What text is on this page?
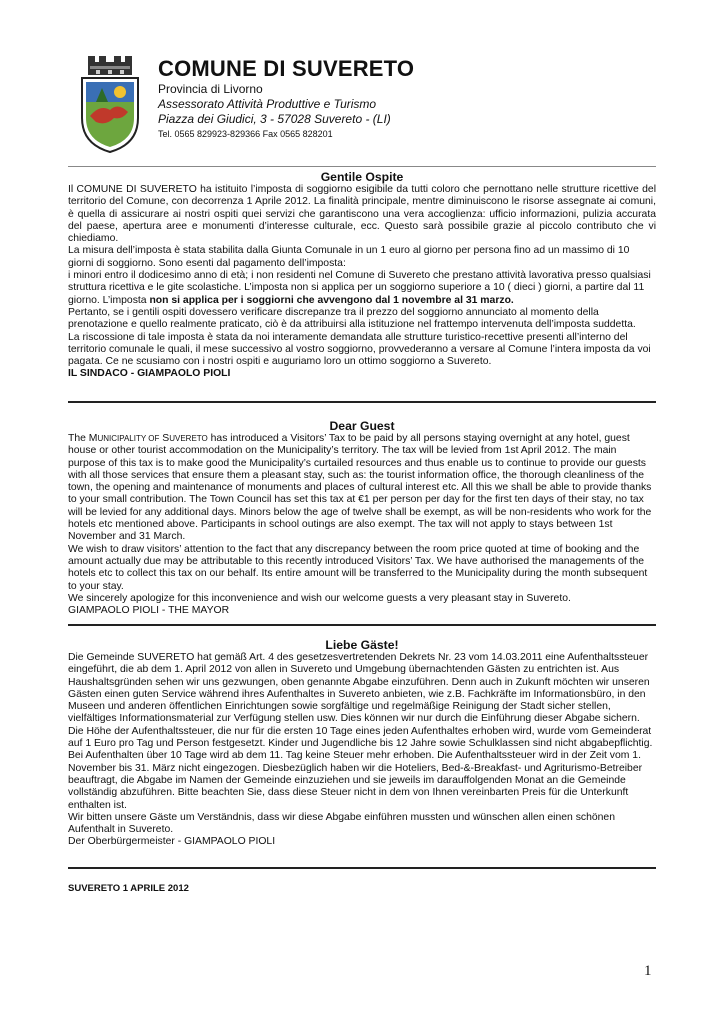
COMUNE DI SUVERETO
Provincia di Livorno
Assessorato Attività Produttive e Turismo
Piazza dei Giudici, 3 - 57028 Suvereto - (LI)
Tel. 0565 829923-829366 Fax 0565 828201
Gentile Ospite

Il COMUNE DI SUVERETO ha istituito l’imposta di soggiorno esigibile da tutti coloro che pernottano nelle strutture ricettive del territorio del Comune, con decorrenza 1 Aprile 2012. La finalità principale, mentre diminuiscono le risorse assegnate ai comuni, è quella di assicurare ai nostri ospiti quei servizi che garantiscono una vera accoglienza: ufficio informazioni, pulizia accurata del paese, apertura aree e monumenti d’interesse culturale, ecc. Questo sarà possibile grazie al piccolo contributo che vi chiediamo.

La misura dell’imposta è stata stabilita dalla Giunta Comunale in un 1 euro al giorno per persona fino ad un massimo di 10 giorni di soggiorno. Sono esenti dal pagamento dell’imposta:

i minori entro il dodicesimo anno di età; i non residenti nel Comune di Suvereto che prestano attività lavorativa presso qualsiasi struttura ricettiva e le gite scolastiche. L’imposta non si applica per un soggiorno superiore a 10 ( dieci ) giorni, a partire dal 11 giorno. L’imposta non si applica per i soggiorni che avvengono dal 1 novembre al 31 marzo.

Pertanto, se i gentili ospiti dovessero verificare discrepanze tra il prezzo del soggiorno annunciato al momento della prenotazione e quello realmente praticato, ciò è da attribuirsi alla istituzione nel frattempo intervenuta dell’imposta suddetta.

La riscossione di tale imposta è stata da noi interamente demandata alle strutture turistico-recettive presenti all’interno del territorio comunale le quali, il mese successivo al vostro soggiorno, provvederanno a versare al Comune l’intera imposta da voi pagata. Ce ne scusiamo con i nostri ospiti e auguriamo loro un ottimo soggiorno a Suvereto.

IL SINDACO - GIAMPAOLO PIOLI

Dear Guest

The MUNICIPALITY OF SUVERETO has introduced a Visitors’ Tax to be paid by all persons staying overnight at any hotel, guest house or other tourist accommodation on the Municipality’s territory. The tax will be levied from 1st April 2012. The main purpose of this tax is to make good the Municipality’s curtailed resources and thus enable us to continue to provide our guests with all those services that ensure them a pleasant stay, such as: the tourist information office, the thorough cleanliness of the town, the opening and maintenance of monuments and places of cultural interest etc. All this we shall be able to provide thanks to your small contribution. The Town Council has set this tax at €1 per person per day for the first ten days of their stay, no tax will be levied for any additional days. Minors below the age of twelve shall be exempt, as will be non-residents who work for the hotels etc mentioned above. Participants in school outings are also exempt. The tax will not apply to stays between 1st November and 31 March.

We wish to draw visitors’ attention to the fact that any discrepancy between the room price quoted at time of booking and the amount actually due may be attributable to this recently introduced Visitors’ Tax. We have authorised the managements of the hotels etc to collect this tax on our behalf. Its entire amount will be transferred to the Municipality during the month subsequent to your stay.

We sincerely apologize for this inconvenience and wish our welcome guests a very pleasant stay in Suvereto.

GIAMPAOLO PIOLI - THE MAYOR

Liebe Gäste!

Die Gemeinde SUVERETO hat gemäß Art. 4 des gesetzesvertretenden Dekrets Nr. 23 vom 14.03.2011 eine Aufenthaltssteuer eingeführt, die ab dem 1. April 2012 von allen in Suvereto und Umgebung übernachtenden Gästen zu entrichten ist. Aus Haushaltsgründen sehen wir uns gezwungen, oben genannte Abgabe einzuführen. Denn auch in Zukunft möchten wir unseren Gästen einen guten Service während ihres Aufenthaltes in Suvereto anbieten, wie z.B. Fachkräfte im Informationsbüro, in den Museen und anderen öffentlichen Einrichtungen sowie sorgfältige und regelmäßige Reinigung der Stadt sicher stellen, vielfältiges Informationsmaterial zur Verfügung stellen usw. Dies können wir nur durch die Einführung dieser Abgabe sichern.

Die Höhe der Aufenthaltssteuer, die nur für die ersten 10 Tage eines jeden Aufenthaltes erhoben wird, wurde vom Gemeinderat auf 1 Euro pro Tag und Person festgesetzt. Kinder und Jugendliche bis 12 Jahre sowie Schulklassen sind nicht abgabepflichtig. Bei Aufenthalten über 10 Tage wird ab dem 11. Tag keine Steuer mehr erhoben. Die Aufenthaltssteuer wird in der Zeit vom 1. November bis 31. März nicht eingezogen. Diesbezüglich haben wir die Hoteliers, Bed-&-Breakfast- und Agriturismo-Betreiber beauftragt, die Abgabe im Namen der Gemeinde einzuziehen und sie jeweils im darauffolgenden Monat an die Gemeinde vollständig abzuführen. Bitte beachten Sie, dass diese Steuer nicht in dem von Ihnen vereinbarten Preis für die Unterkunft enthalten ist.

Wir bitten unsere Gäste um Verständnis, dass wir diese Abgabe einführen mussten und wünschen allen einen schönen Aufenthalt in Suvereto.

Der Oberbürgermeister - GIAMPAOLO PIOLI

SUVERETO 1 APRILE 2012
1
